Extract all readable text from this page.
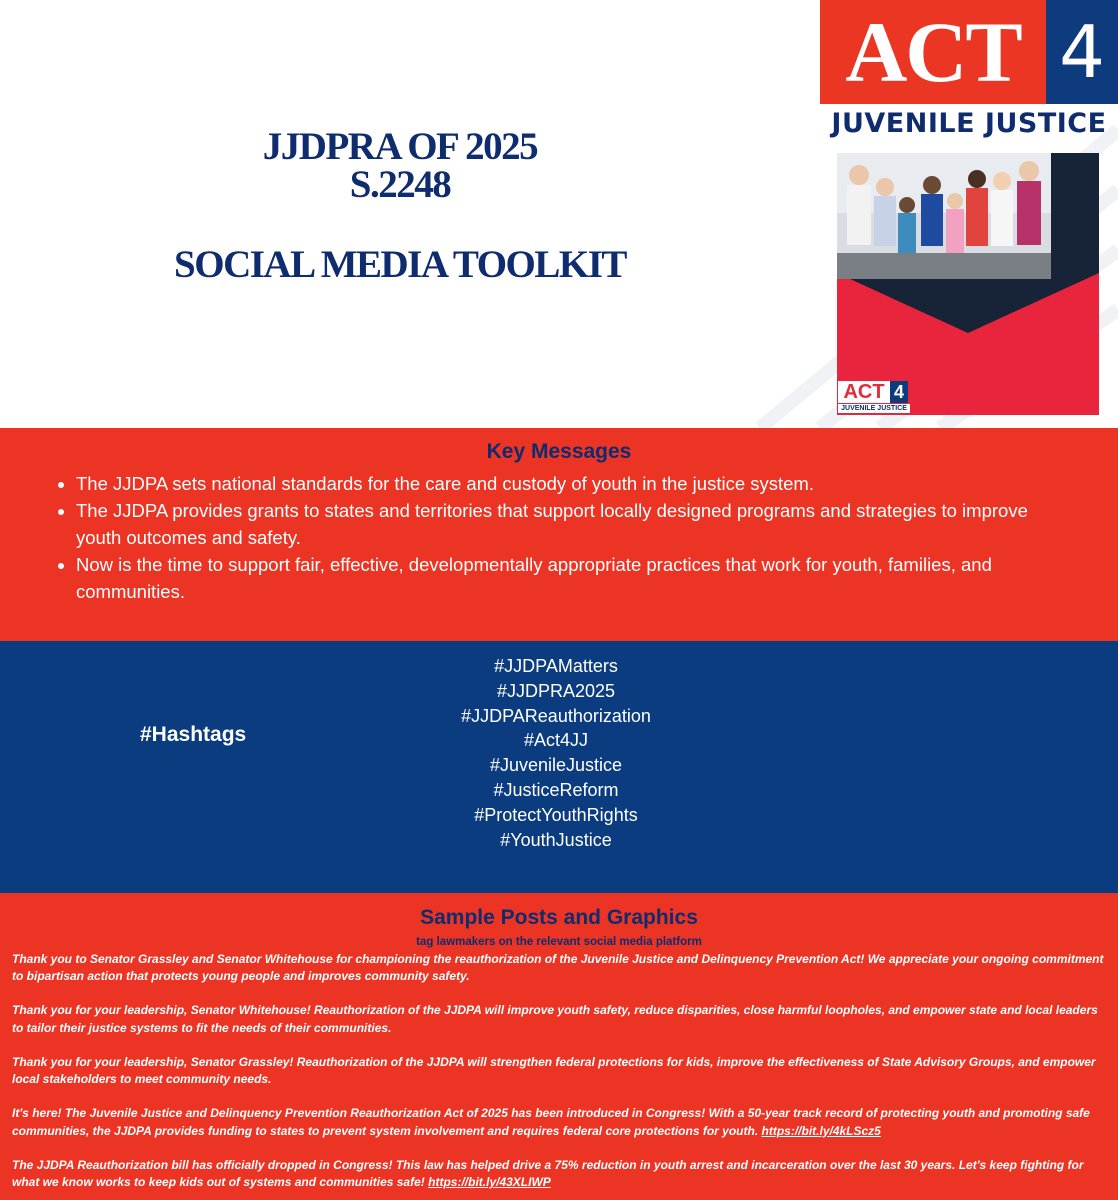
JJDPRA OF 2025
S.2248
SOCIAL MEDIA TOOLKIT
ACT 4
JUVENILE JUSTICE
ACT 4
JUVENILE JUSTICE
Key Messages
• The JJDPA sets national standards for the care and custody of youth in the justice system.
• The JJDPA provides grants to states and territories that support locally designed programs and strategies to improve youth outcomes and safety.
• Now is the time to support fair, effective, developmentally appropriate practices that work for youth, families, and communities.
#Hashtags
#JJDPAMatters
#JJDPRA2025
#JJDPAReauthorization
#Act4JJ
#JuvenileJustice
#JusticeReform
#ProtectYouthRights
#YouthJustice
Sample Posts and Graphics
tag lawmakers on the relevant social media platform

Thank you to Senator Grassley and Senator Whitehouse for championing the reauthorization of the Juvenile Justice and Delinquency Prevention Act! We appreciate your ongoing commitment to bipartisan action that protects young people and improves community safety.

Thank you for your leadership, Senator Whitehouse! Reauthorization of the JJDPA will improve youth safety, reduce disparities, close harmful loopholes, and empower state and local leaders to tailor their justice systems to fit the needs of their communities.

Thank you for your leadership, Senator Grassley! Reauthorization of the JJDPA will strengthen federal protections for kids, improve the effectiveness of State Advisory Groups, and empower local stakeholders to meet community needs.

It's here! The Juvenile Justice and Delinquency Prevention Reauthorization Act of 2025 has been introduced in Congress! With a 50-year track record of protecting youth and promoting safe communities, the JJDPA provides funding to states to prevent system involvement and requires federal core protections for youth. https://bit.ly/4kLScz5

The JJDPA Reauthorization bill has officially dropped in Congress! This law has helped drive a 75% reduction in youth arrest and incarceration over the last 30 years. Let's keep fighting for what we know works to keep kids out of systems and communities safe! https://bit.ly/43XLIWP
